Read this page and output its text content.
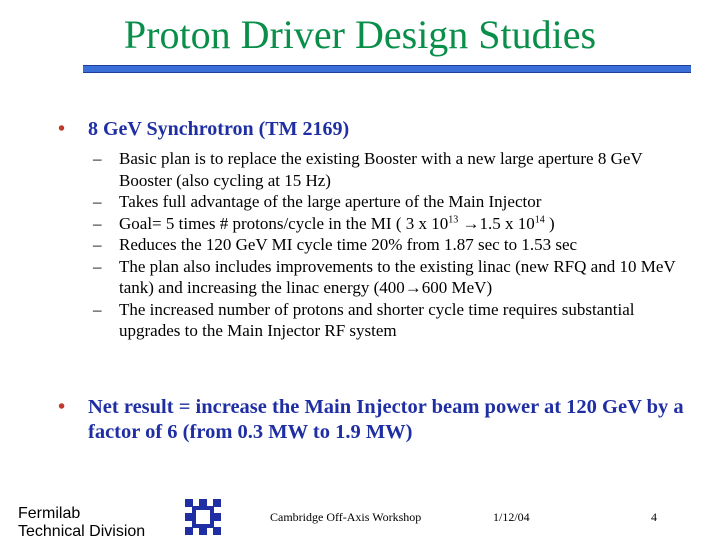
Proton Driver Design Studies
• 8 GeV Synchrotron (TM 2169)
– Basic plan is to replace the existing Booster with a new large aperture 8 GeV Booster (also cycling at 15 Hz)
– Takes full advantage of the large aperture of the Main Injector
– Goal= 5 times # protons/cycle in the MI ( 3 x $10^{13} \to 1.5$ x $10^{14}$ )
– Reduces the 120 GeV MI cycle time 20% from 1.87 sec to 1.53 sec
– The plan also includes improvements to the existing linac (new RFQ and 10 MeV tank) and increasing the linac energy (400→600 MeV)
– The increased number of protons and shorter cycle time requires substantial upgrades to the Main Injector RF system
• Net result = increase the Main Injector beam power at 120 GeV by a factor of 6 (from 0.3 MW to 1.9 MW)
Fermilab
Technical Division
Cambridge Off-Axis Workshop	1/12/04	4
